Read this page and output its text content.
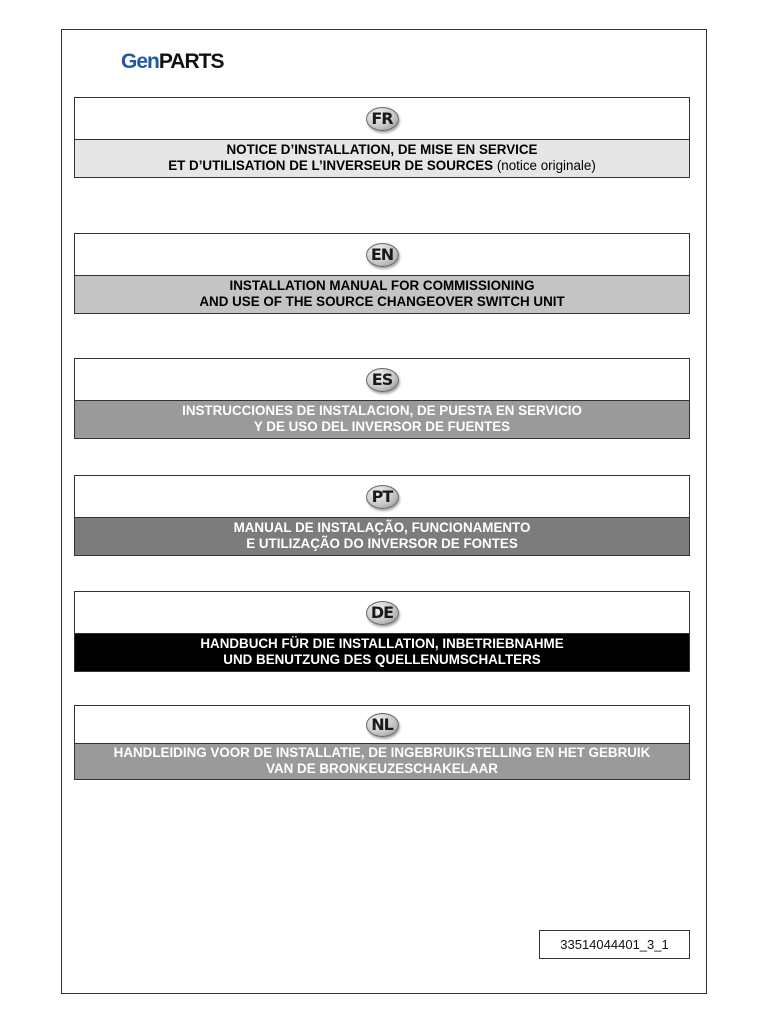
GenPARTS
FR
NOTICE D’INSTALLATION, DE MISE EN SERVICE
ET D’UTILISATION DE L’INVERSEUR DE SOURCES (notice originale)
EN
INSTALLATION MANUAL FOR COMMISSIONING
AND USE OF THE SOURCE CHANGEOVER SWITCH UNIT
ES
INSTRUCCIONES DE INSTALACION, DE PUESTA EN SERVICIO
Y DE USO DEL INVERSOR DE FUENTES
PT
MANUAL DE INSTALAÇÃO, FUNCIONAMENTO
E UTILIZAÇÃO DO INVERSOR DE FONTES
DE
HANDBUCH FÜR DIE INSTALLATION, INBETRIEBNAHME
UND BENUTZUNG DES QUELLENUMSCHALTERS
NL
HANDLEIDING VOOR DE INSTALLATIE, DE INGEBRUIKSTELLING EN HET GEBRUIK
VAN DE BRONKEUZESCHAKELAAR
33514044401_3_1
